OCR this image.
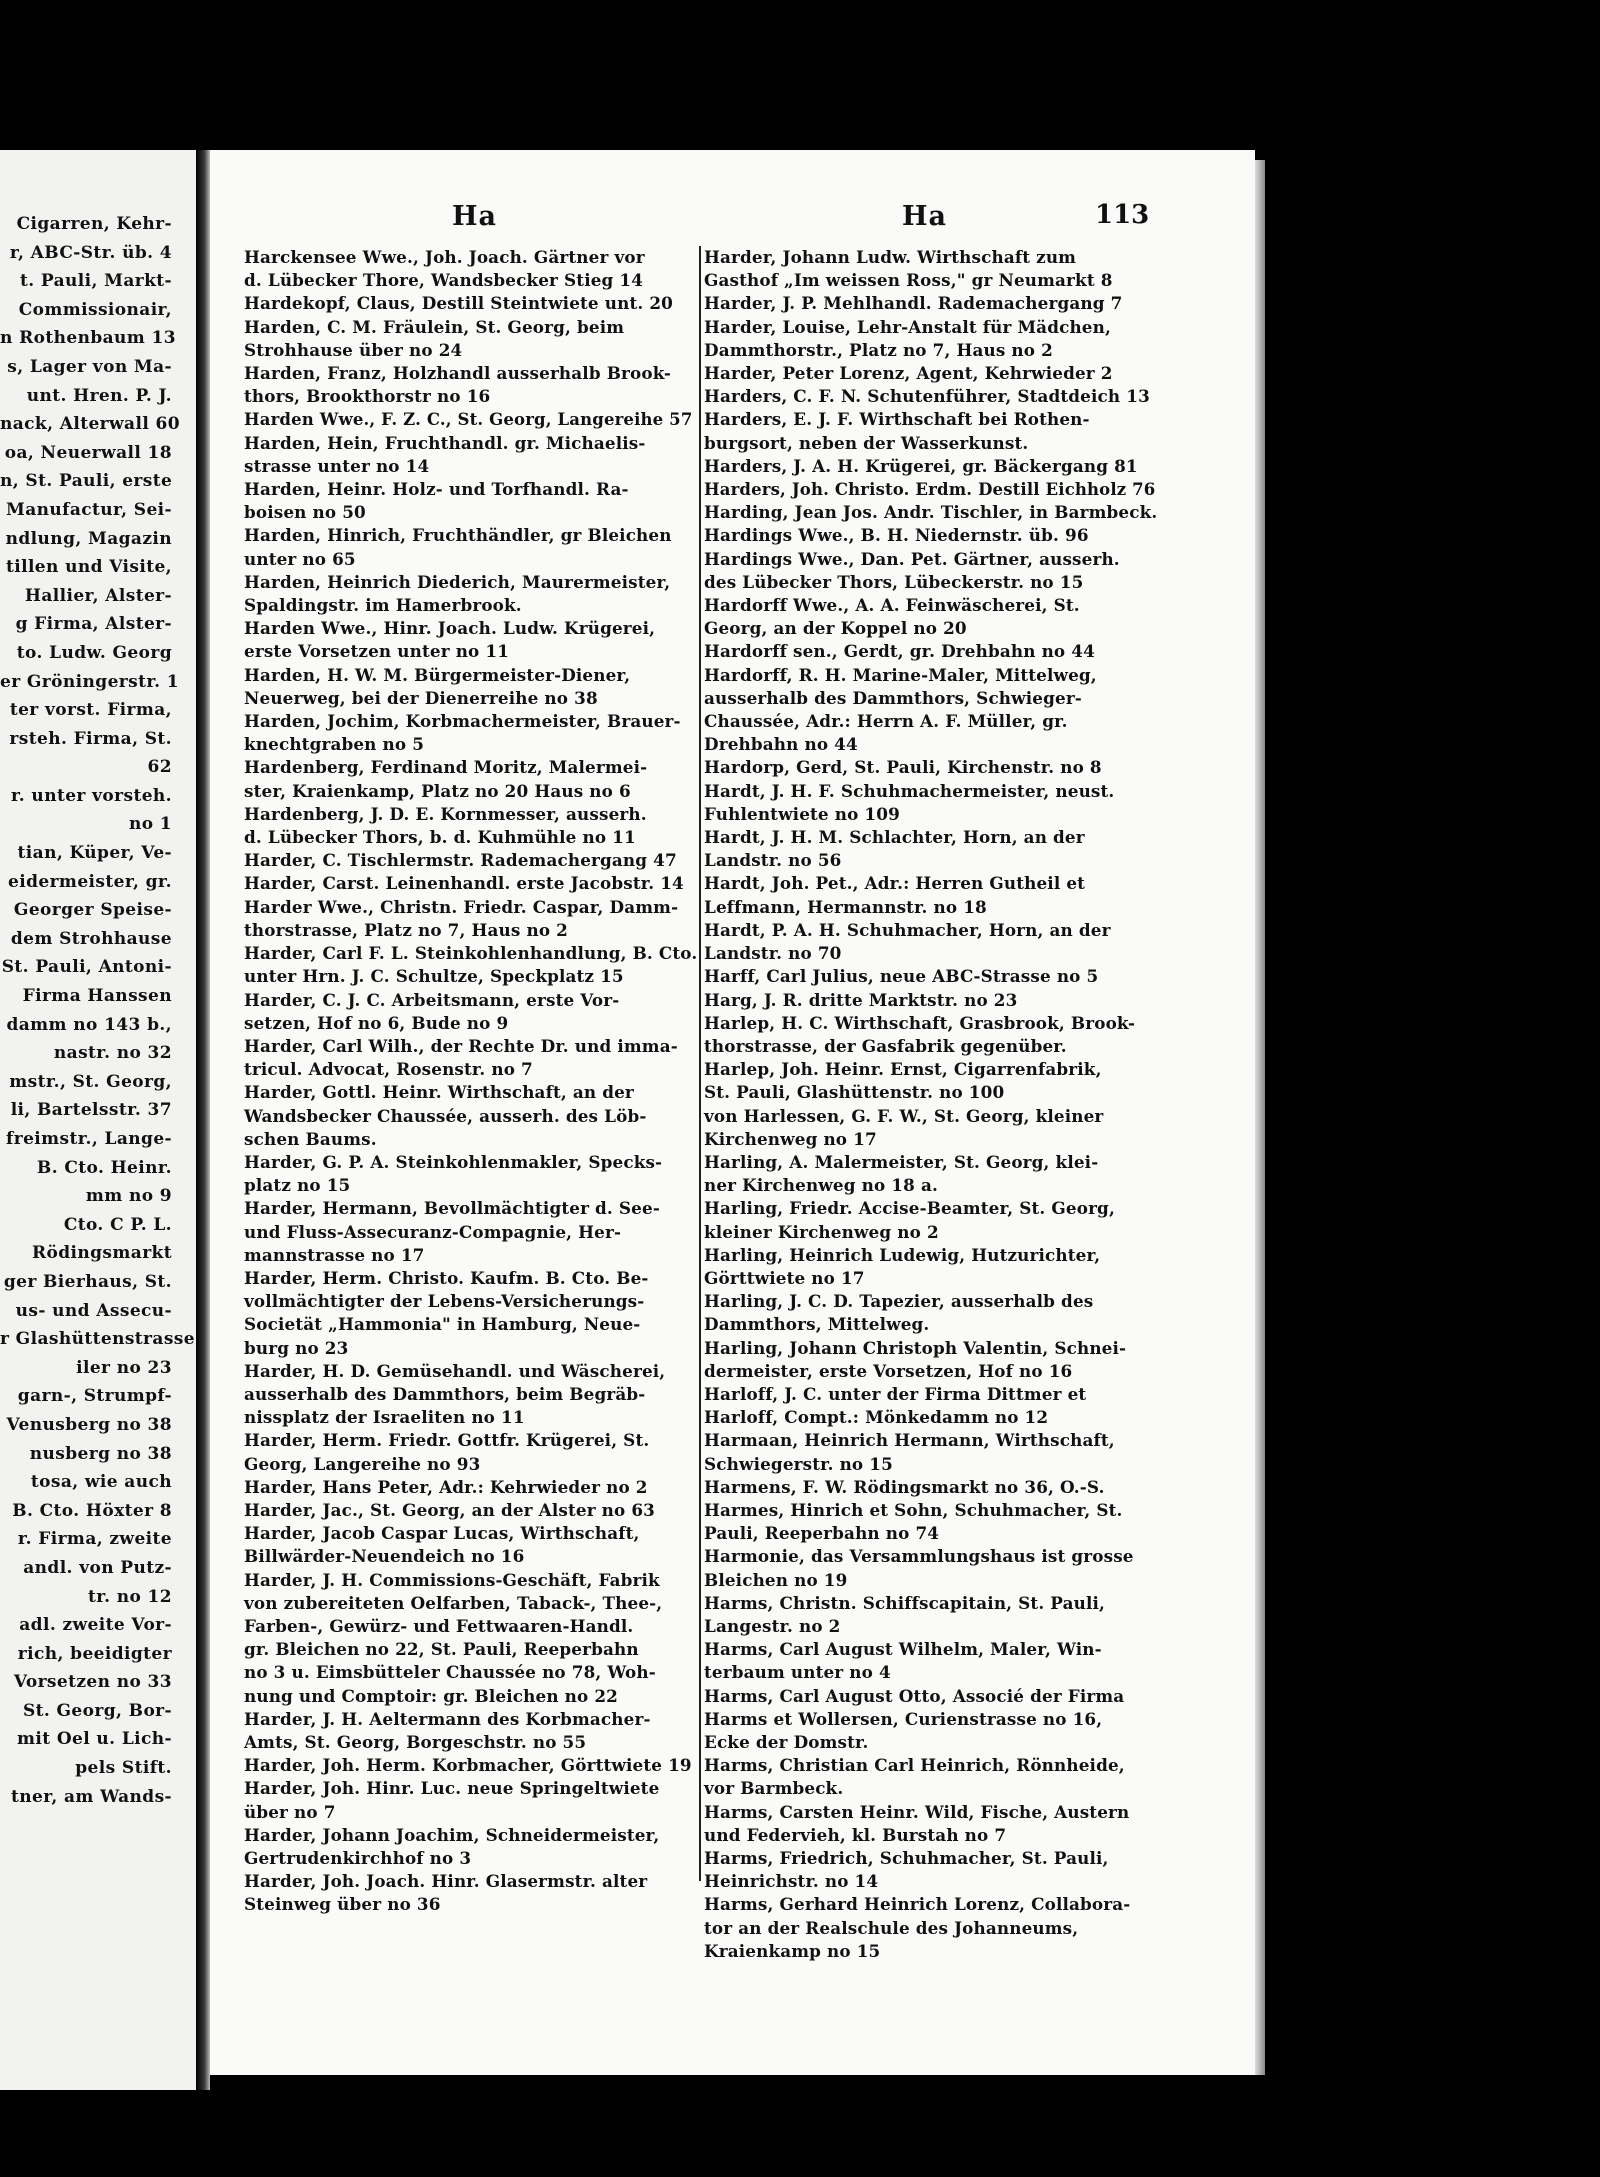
Cigarren, Kehr-
r, ABC-Str. üb. 4
t. Pauli, Markt-
Commissionair,
n Rothenbaum 13
s, Lager von Ma-
unt. Hren. P. J.
nack, Alterwall 60
oa, Neuerwall 18
n, St. Pauli, erste
Manufactur, Sei-
ndlung, Magazin
tillen und Visite,
Hallier, Alster-
g Firma, Alster-
to. Ludw. Georg
er Gröningerstr. 1
ter vorst. Firma,
rsteh. Firma, St.
62
r. unter vorsteh.
no 1
tian, Küper, Ve-
eidermeister, gr.
Georger Speise-
dem Strohhause
St. Pauli, Antoni-
Firma Hanssen
damm no 143 b.,
nastr. no 32
mstr., St. Georg,
li, Bartelsstr. 37
freimstr., Lange-
B. Cto. Heinr.
mm no 9
Cto. C P. L.
Rödingsmarkt
ger Bierhaus, St.
us- und Assecu-
r Glashüttenstrasse
iler no 23
garn-, Strumpf-
Venusberg no 38
nusberg no 38
tosa, wie auch
B. Cto. Höxter 8
r. Firma, zweite
andl. von Putz-
tr. no 12
adl. zweite Vor-
rich, beeidigter
Vorsetzen no 33
St. Georg, Bor-
mit Oel u. Lich-
pels Stift.
tner, am Wands-
Ha	Ha	113
Harckensee Wwe., Joh. Joach. Gärtner vor
d. Lübecker Thore, Wandsbecker Stieg 14
Hardekopf, Claus, Destill Steintwiete unt. 20
Harden, C. M. Fräulein, St. Georg, beim
Strohhause über no 24
Harden, Franz, Holzhandl ausserhalb Brook-
thors, Brookthorstr no 16
Harden Wwe., F. Z. C., St. Georg, Langereihe 57
Harden, Hein, Fruchthandl. gr. Michaelis-
strasse unter no 14
Harden, Heinr. Holz- und Torfhandl. Ra-
boisen no 50
Harden, Hinrich, Fruchthändler, gr Bleichen
unter no 65
Harden, Heinrich Diederich, Maurermeister,
Spaldingstr. im Hamerbrook.
Harden Wwe., Hinr. Joach. Ludw. Krügerei,
erste Vorsetzen unter no 11
Harden, H. W. M. Bürgermeister-Diener,
Neuerweg, bei der Dienerreihe no 38
Harden, Jochim, Korbmachermeister, Brauer-
knechtgraben no 5
Hardenberg, Ferdinand Moritz, Malermei-
ster, Kraienkamp, Platz no 20 Haus no 6
Hardenberg, J. D. E. Kornmesser, ausserh.
d. Lübecker Thors, b. d. Kuhmühle no 11
Harder, C. Tischlermstr. Rademachergang 47
Harder, Carst. Leinenhandl. erste Jacobstr. 14
Harder Wwe., Christn. Friedr. Caspar, Damm-
thorstrasse, Platz no 7, Haus no 2
Harder, Carl F. L. Steinkohlenhandlung, B. Cto.
unter Hrn. J. C. Schultze, Speckplatz 15
Harder, C. J. C. Arbeitsmann, erste Vor-
setzen, Hof no 6, Bude no 9
Harder, Carl Wilh., der Rechte Dr. und imma-
tricul. Advocat, Rosenstr. no 7
Harder, Gottl. Heinr. Wirthschaft, an der
Wandsbecker Chaussée, ausserh. des Löb-
schen Baums.
Harder, G. P. A. Steinkohlenmakler, Specks-
platz no 15
Harder, Hermann, Bevollmächtigter d. See-
und Fluss-Assecuranz-Compagnie, Her-
mannstrasse no 17
Harder, Herm. Christo. Kaufm. B. Cto. Be-
vollmächtigter der Lebens-Versicherungs-
Societät „Hammonia" in Hamburg, Neue-
burg no 23
Harder, H. D. Gemüsehandl. und Wäscherei,
ausserhalb des Dammthors, beim Begräb-
nissplatz der Israeliten no 11
Harder, Herm. Friedr. Gottfr. Krügerei, St.
Georg, Langereihe no 93
Harder, Hans Peter, Adr.: Kehrwieder no 2
Harder, Jac., St. Georg, an der Alster no 63
Harder, Jacob Caspar Lucas, Wirthschaft,
Billwärder-Neuendeich no 16
Harder, J. H. Commissions-Geschäft, Fabrik
von zubereiteten Oelfarben, Taback-, Thee-,
Farben-, Gewürz- und Fettwaaren-Handl.
gr. Bleichen no 22, St. Pauli, Reeperbahn
no 3 u. Eimsbütteler Chaussée no 78, Woh-
nung und Comptoir: gr. Bleichen no 22
Harder, J. H. Aeltermann des Korbmacher-
Amts, St. Georg, Borgeschstr. no 55
Harder, Joh. Herm. Korbmacher, Görttwiete 19
Harder, Joh. Hinr. Luc. neue Springeltwiete
über no 7
Harder, Johann Joachim, Schneidermeister,
Gertrudenkirchhof no 3
Harder, Joh. Joach. Hinr. Glasermstr. alter
Steinweg über no 36
Harder, Johann Ludw. Wirthschaft zum
Gasthof „Im weissen Ross," gr Neumarkt 8
Harder, J. P. Mehlhandl. Rademachergang 7
Harder, Louise, Lehr-Anstalt für Mädchen,
Dammthorstr., Platz no 7, Haus no 2
Harder, Peter Lorenz, Agent, Kehrwieder 2
Harders, C. F. N. Schutenführer, Stadtdeich 13
Harders, E. J. F. Wirthschaft bei Rothen-
burgsort, neben der Wasserkunst.
Harders, J. A. H. Krügerei, gr. Bäckergang 81
Harders, Joh. Christo. Erdm. Destill Eichholz 76
Harding, Jean Jos. Andr. Tischler, in Barmbeck.
Hardings Wwe., B. H. Niedernstr. üb. 96
Hardings Wwe., Dan. Pet. Gärtner, ausserh.
des Lübecker Thors, Lübeckerstr. no 15
Hardorff Wwe., A. A. Feinwäscherei, St.
Georg, an der Koppel no 20
Hardorff sen., Gerdt, gr. Drehbahn no 44
Hardorff, R. H. Marine-Maler, Mittelweg,
ausserhalb des Dammthors, Schwieger-
Chaussée, Adr.: Herrn A. F. Müller, gr.
Drehbahn no 44
Hardorp, Gerd, St. Pauli, Kirchenstr. no 8
Hardt, J. H. F. Schuhmachermeister, neust.
Fuhlentwiete no 109
Hardt, J. H. M. Schlachter, Horn, an der
Landstr. no 56
Hardt, Joh. Pet., Adr.: Herren Gutheil et
Leffmann, Hermannstr. no 18
Hardt, P. A. H. Schuhmacher, Horn, an der
Landstr. no 70
Harff, Carl Julius, neue ABC-Strasse no 5
Harg, J. R. dritte Marktstr. no 23
Harlep, H. C. Wirthschaft, Grasbrook, Brook-
thorstrasse, der Gasfabrik gegenüber.
Harlep, Joh. Heinr. Ernst, Cigarrenfabrik,
St. Pauli, Glashüttenstr. no 100
von Harlessen, G. F. W., St. Georg, kleiner
Kirchenweg no 17
Harling, A. Malermeister, St. Georg, klei-
ner Kirchenweg no 18 a.
Harling, Friedr. Accise-Beamter, St. Georg,
kleiner Kirchenweg no 2
Harling, Heinrich Ludewig, Hutzurichter,
Görttwiete no 17
Harling, J. C. D. Tapezier, ausserhalb des
Dammthors, Mittelweg.
Harling, Johann Christoph Valentin, Schnei-
dermeister, erste Vorsetzen, Hof no 16
Harloff, J. C. unter der Firma Dittmer et
Harloff, Compt.: Mönkedamm no 12
Harmaan, Heinrich Hermann, Wirthschaft,
Schwiegerstr. no 15
Harmens, F. W. Rödingsmarkt no 36, O.-S.
Harmes, Hinrich et Sohn, Schuhmacher, St.
Pauli, Reeperbahn no 74
Harmonie, das Versammlungshaus ist grosse
Bleichen no 19
Harms, Christn. Schiffscapitain, St. Pauli,
Langestr. no 2
Harms, Carl August Wilhelm, Maler, Win-
terbaum unter no 4
Harms, Carl August Otto, Associé der Firma
Harms et Wollersen, Curienstrasse no 16,
Ecke der Domstr.
Harms, Christian Carl Heinrich, Rönnheide,
vor Barmbeck.
Harms, Carsten Heinr. Wild, Fische, Austern
und Federvieh, kl. Burstah no 7
Harms, Friedrich, Schuhmacher, St. Pauli,
Heinrichstr. no 14
Harms, Gerhard Heinrich Lorenz, Collabora-
tor an der Realschule des Johanneums,
Kraienkamp no 15
